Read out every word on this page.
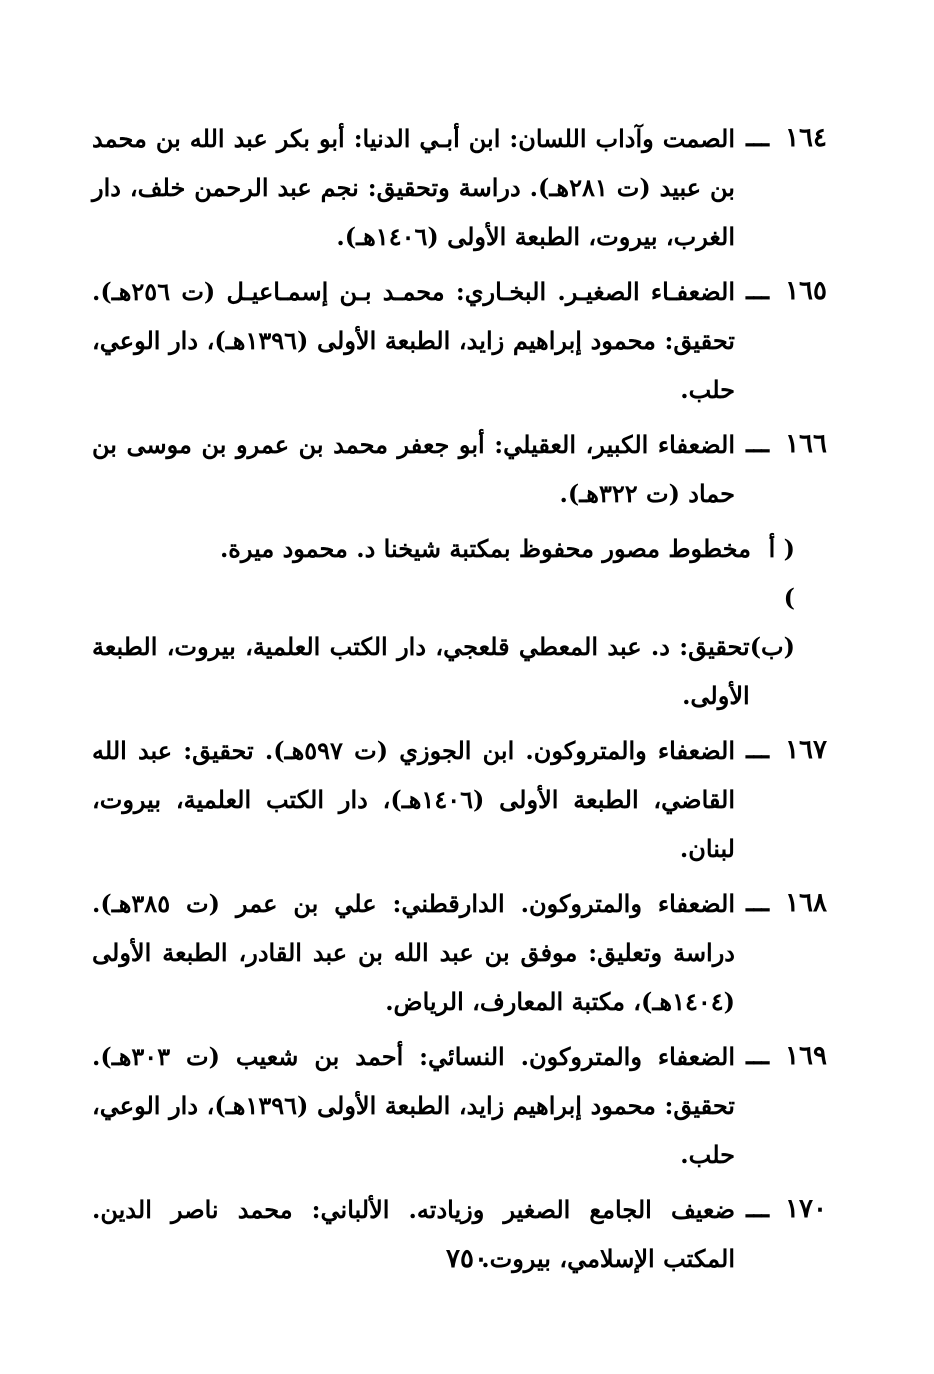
١٦٤
ـــ
الصمت وآداب اللسان: ابن أبـي الدنيا: أبو بكر عبد الله بن محمد بن عبيد (ت ٢٨١هـ). دراسة وتحقيق: نجم عبد الرحمن خلف، دار الغرب، بيروت، الطبعة الأولى (١٤٠٦هـ).
١٦٥
ـــ
الضعفـاء الصغيـر. البخـاري: محمـد بـن إسمـاعيـل (ت ٢٥٦هـ). تحقيق: محمود إبراهيم زايد، الطبعة الأولى (١٣٩٦هـ)، دار الوعي، حلب.
١٦٦
ـــ
الضعفاء الكبير، العقيلي: أبو جعفر محمد بن عمرو بن موسى بن حماد (ت ٣٢٢هـ).
( أ )
مخطوط مصور محفوظ بمكتبة شيخنا د. محمود ميرة.
(ب)
تحقيق: د. عبد المعطي قلعجي، دار الكتب العلمية، بيروت، الطبعة الأولى.
١٦٧
ـــ
الضعفاء والمتروكون. ابن الجوزي (ت ٥٩٧هـ). تحقيق: عبد الله القاضي، الطبعة الأولى (١٤٠٦هـ)، دار الكتب العلمية، بيروت، لبنان.
١٦٨
ـــ
الضعفاء والمتروكون. الدارقطني: علي بن عمر (ت ٣٨٥هـ). دراسة وتعليق: موفق بن عبد الله بن عبد القادر، الطبعة الأولى (١٤٠٤هـ)، مكتبة المعارف، الرياض.
١٦٩
ـــ
الضعفاء والمتروكون. النسائي: أحمد بن شعيب (ت ٣٠٣هـ). تحقيق: محمود إبراهيم زايد، الطبعة الأولى (١٣٩٦هـ)، دار الوعي، حلب.
١٧٠
ـــ
ضعيف الجامع الصغير وزيادته. الألباني: محمد ناصر الدين. المكتب الإسلامي، بيروت.
٧٥٠
